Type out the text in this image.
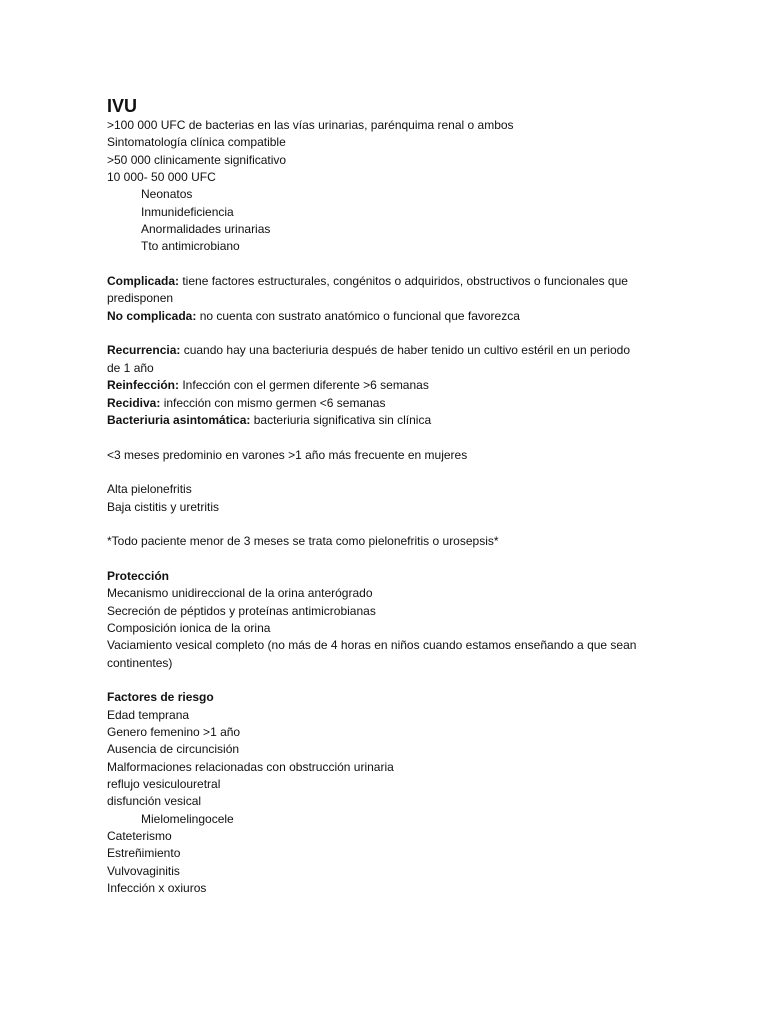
IVU

>100 000 UFC de bacterias en las vías urinarias, parénquima renal o ambos

Sintomatología clínica compatible

>50 000 clinicamente significativo

10 000- 50 000 UFC

Neonatos

Inmunideficiencia

Anormalidades urinarias

Tto antimicrobiano

Complicada: tiene factores estructurales, congénitos o adquiridos, obstructivos o funcionales que

predisponen

No complicada: no cuenta con sustrato anatómico o funcional que favorezca

Recurrencia: cuando hay una bacteriuria después de haber tenido un cultivo estéril en un periodo

de 1 año

Reinfección: Infección con el germen diferente >6 semanas

Recidiva: infección con mismo germen <6 semanas

Bacteriuria asintomática: bacteriuria significativa sin clínica

<3 meses predominio en varones >1 año más frecuente en mujeres

Alta pielonefritis

Baja cistitis y uretritis

*Todo paciente menor de 3 meses se trata como pielonefritis o urosepsis*

Protección

Mecanismo unidireccional de la orina anterógrado

Secreción de péptidos y proteínas antimicrobianas

Composición ionica de la orina

Vaciamiento vesical completo (no más de 4 horas en niños cuando estamos enseñando a que sean

continentes)

Factores de riesgo

Edad temprana

Genero femenino >1 año

Ausencia de circuncisión

Malformaciones relacionadas con obstrucción urinaria

reflujo vesiculouretral

disfunción vesical

Mielomelingocele

Cateterismo

Estreñimiento

Vulvovaginitis

Infección x oxiuros
